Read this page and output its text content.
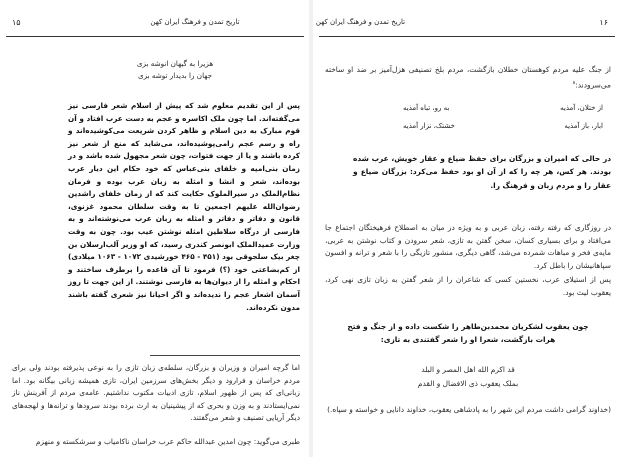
۱۵	تاریخ تمدن و فرهنگ ایران کهن
هزیرا به گیهان انوشه بزی
جهان را بدیدار توشه بزی

پس از این تقدیم معلوم شد که پیش از اسلام شعر فارسی نیز می‌گفته‌اند. اما چون ملک اکاسره و عجم به دست عرب افتاد و آن قوم مبارک به دین اسلام و ظاهر کردن شریعت می‌کوشیده‌اند و راه و رسم عجم زامی‌پوشیده‌اند، می‌شاید که منع از شعر نیز کرده باشند و یا از جهت فتوات، چون شعر مجهول شده باشد و در زمان بنی‌امیه و خلفای بنی‌عباس که خود حکام این دیار عرب بوده‌اند، شعر و انشا و امثله به زبان عرب بوده و فرمان نظام‌الملک در سیرالملوک حکایت کند که از زمان خلفای راشدین رضوان‌الله علیهم اجمعین تا به وقت سلطان محمود غزنوی، قانون و دفاتر و دفاتر و امثله به زبان عرب می‌نوشته‌اند و به فارسی از درگاه سلاطین امثله نوشتن عیب بود. چون به وقت وزارت عمیدالملک ابونصر کندری رسید، که او وزیر آلب‌ارسلان بن چغر بیک سلجوقی بود (۴۵۱ - ۴۶۵ خورشیدی ۱۰۷۲ - ۱۰۶۳ میلادی) از کم‌بضاعتی خود (؟) فرمود تا آن قاعده را برطرف ساختند و احکام و امثله را از دیوان‌ها به فارسی نوشتند. از این جهت تا روز آسمان اشعار عجم را ندیده‌اند و اگر احیانا نیز شعری گفته باشند مدون نکرده‌اند.

اما گرچه امیران و وزیران و بزرگان، سلطه‌ی زبان تازی را به نوعی پذیرفته بودند ولی برای مردم خراسان و فرارود و دیگر بخش‌های سرزمین ایران، تازی همیشه زبانی بیگانه بود. اما زبانی‌ای که پس از ظهور اسلام، تازی ادبیات مکتوب نداشتیم. عامه‌ی مردم از آفرینش ناز نمی‌ایستادند و به وزن و بحری که از پیشینیان به ارث برده بودند سرودها و ترانه‌ها و لهجه‌های دیگر آریایی تصنیف و شعر می‌گفتند.

طبری می‌گوید: چون امدین عبدالله حاکم عرب خراسان ناکامیاب و سرشکسته و منهزم

۱۶
تاریخ تمدن و فرهنگ ایران کهن

از جنگ علیه مردم کوهستان خطلان بازگشت، مردم بلخ تصنیفی هزل‌آمیز بر ضد او ساخته می‌سرودند:$^۸$

از ختلان، آمذیه
به رو، تباه آمذیه
ابار، باز آمذیه
خشتک، نزار آمذیه

در حالی که امیران و بزرگان برای حفظ ضیاع و عقار خویش، عرب شده بودند. هر کس، هر چه را که از آن او بود حفظ می‌کرد: بزرگان ضیاع و عقار را و مردم زبان و فرهنگ را.

در روزگاری که رفته رفته، زبان عربی و به ویژه در میان به اصطلاح فرهیختگان اجتماع جا می‌افتاد و برای بسیاری کسان، سخن گفتن به تازی، شعر سرودن و کتاب نوشتن به عربی، مایه‌ی فخر و مباهات شمرده می‌شد، گاهی دیگری، منشور تازیگی را با شعر و ترانه و افسون سپاهانیشان را باطل کرد.

پس از استیلای عرب، نخستین کسی که شاعران را از شعر گفتن به زبان تازی نهی کرد، یعقوب لیث بود.

چون یعقوب لشکریان محمدبن‌طاهر را شکست داده و از جنگ و فتح هرات بازگشت، شعرا او را شعر گفتندی به تازی:

قد اکرم الله اهل المصر و البلد
بملک یعقوب ذی الافضال و القدم

(خداوند گرامی داشت مردم این شهر را به پادشاهی یعقوب، خداوند دانایی و خواسته و سپاه.)
